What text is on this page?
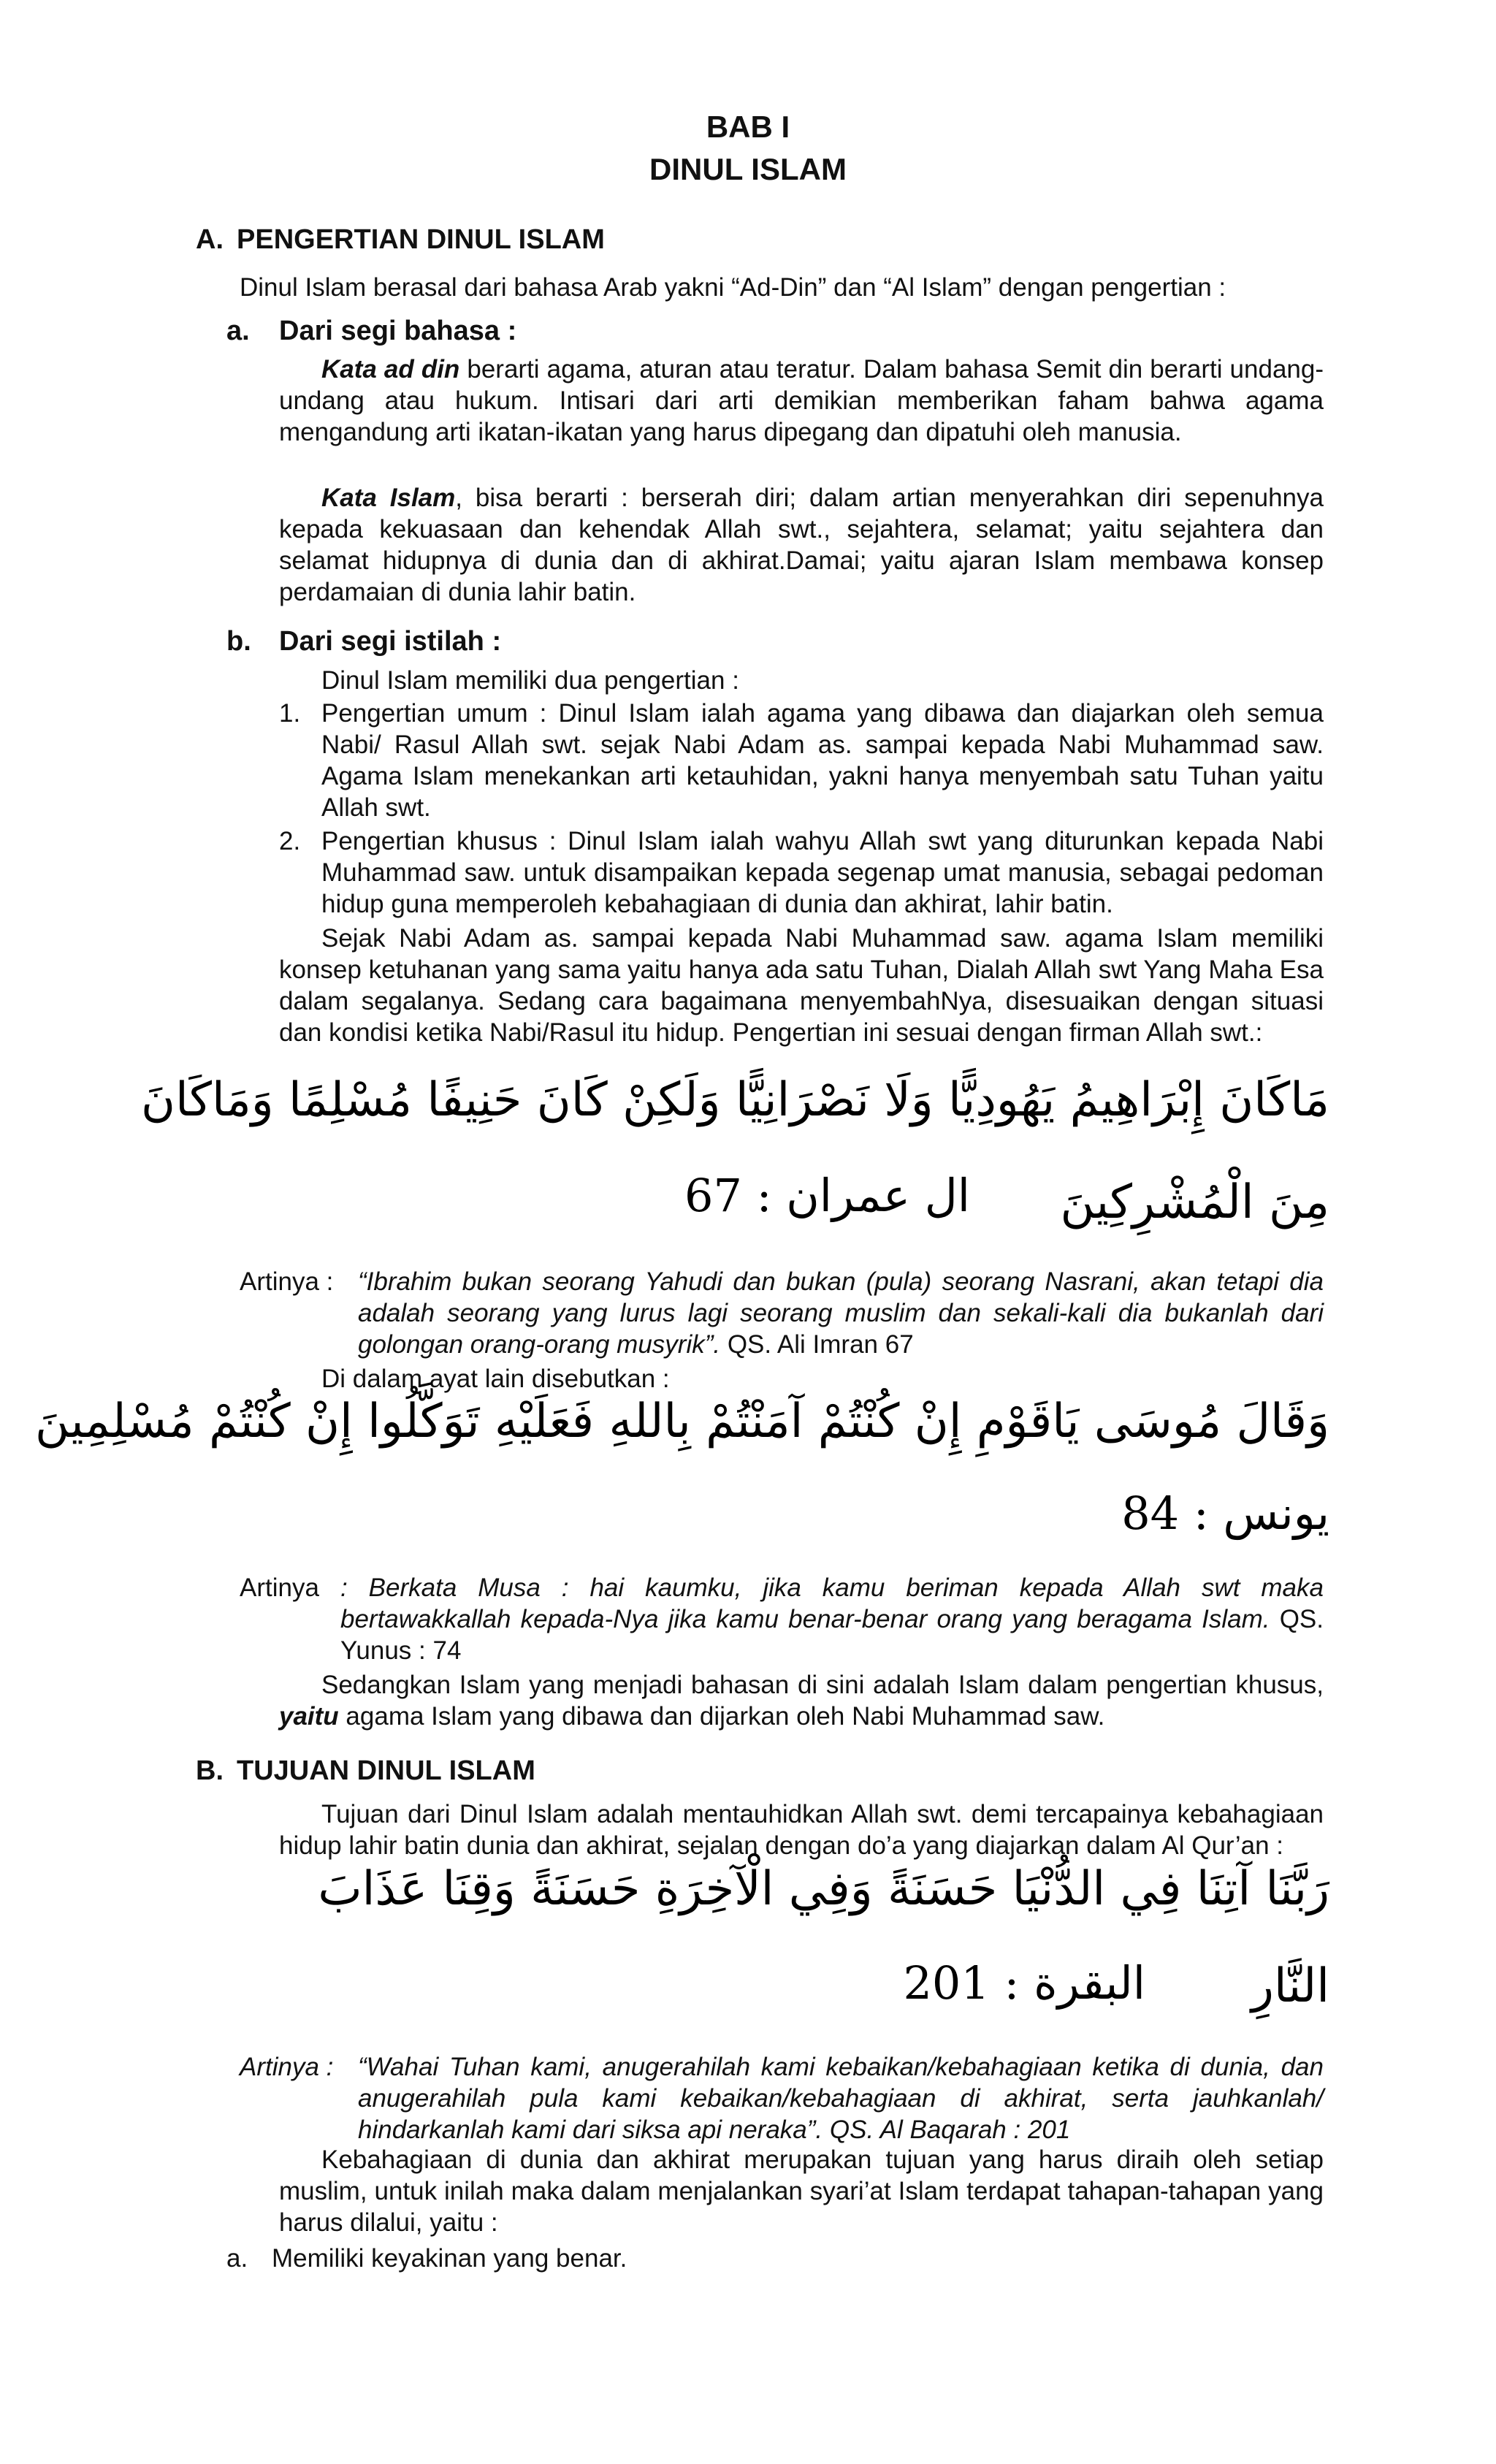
BAB I
DINUL ISLAM
A. PENGERTIAN DINUL ISLAM
Dinul Islam berasal dari bahasa Arab yakni “Ad-Din” dan “Al Islam” dengan pengertian :
a. Dari segi bahasa :

Kata ad din berarti agama, aturan atau teratur. Dalam bahasa Semit din berarti undang-undang atau hukum. Intisari dari arti demikian memberikan faham bahwa agama mengandung arti ikatan-ikatan yang harus dipegang dan dipatuhi oleh manusia.

Kata Islam, bisa berarti : berserah diri; dalam artian menyerahkan diri sepenuhnya kepada kekuasaan dan kehendak Allah swt., sejahtera, selamat; yaitu sejahtera dan selamat hidupnya di dunia dan di akhirat.Damai; yaitu ajaran Islam membawa konsep perdamaian di dunia lahir batin.

b. Dari segi istilah :
Dinul Islam memiliki dua pengertian :
1. Pengertian umum : Dinul Islam ialah agama yang dibawa dan diajarkan oleh semua Nabi/ Rasul Allah swt. sejak Nabi Adam as. sampai kepada Nabi Muhammad saw. Agama Islam menekankan arti ketauhidan, yakni hanya menyembah satu Tuhan yaitu Allah swt.
2. Pengertian khusus : Dinul Islam ialah wahyu Allah swt yang diturunkan kepada Nabi Muhammad saw. untuk disampaikan kepada segenap umat manusia, sebagai pedoman hidup guna memperoleh kebahagiaan di dunia dan akhirat, lahir batin.

Sejak Nabi Adam as. sampai kepada Nabi Muhammad saw. agama Islam memiliki konsep ketuhanan yang sama yaitu hanya ada satu Tuhan, Dialah Allah swt Yang Maha Esa dalam segalanya. Sedang cara bagaimana menyembahNya, disesuaikan dengan situasi dan kondisi ketika Nabi/Rasul itu hidup. Pengertian ini sesuai dengan firman Allah swt.:

مَاكَانَ إِبْرَاهِيمُ يَهُودِيًّا وَلَا نَصْرَانِيًّا وَلَكِنْ كَانَ حَنِيفًا مُسْلِمًا وَمَاكَانَ
مِنَ الْمُشْرِكِينَ
ال عمران : 67
Artinya : “Ibrahim bukan seorang Yahudi dan bukan (pula) seorang Nasrani, akan tetapi dia adalah seorang yang lurus lagi seorang muslim dan sekali-kali dia bukanlah dari golongan orang-orang musyrik”. QS. Ali Imran 67
Di dalam ayat lain disebutkan :
وَقَالَ مُوسَى يَاقَوْمِ إِنْ كُنْتُمْ آمَنْتُمْ بِاللهِ فَعَلَيْهِ تَوَكَّلُوا إِنْ كُنْتُمْ مُسْلِمِينَ
يونس : 84
Artinya : Berkata Musa : hai kaumku, jika kamu beriman kepada Allah swt maka bertawakkallah kepada-Nya jika kamu benar-benar orang yang beragama Islam. QS. Yunus : 74

Sedangkan Islam yang menjadi bahasan di sini adalah Islam dalam pengertian khusus, yaitu agama Islam yang dibawa dan dijarkan oleh Nabi Muhammad saw.

B. TUJUAN DINUL ISLAM

Tujuan dari Dinul Islam adalah mentauhidkan Allah swt. demi tercapainya kebahagiaan hidup lahir batin dunia dan akhirat, sejalan dengan do’a yang diajarkan dalam Al Qur’an :

رَبَّنَا آتِنَا فِي الدُّنْيَا حَسَنَةً وَفِي الْآخِرَةِ حَسَنَةً وَقِنَا عَذَابَ
النَّارِ
البقرة : 201
Artinya : “Wahai Tuhan kami, anugerahilah kami kebaikan/kebahagiaan ketika di dunia, dan anugerahilah pula kami kebaikan/kebahagiaan di akhirat, serta jauhkanlah/ hindarkanlah kami dari siksa api neraka”. QS. Al Baqarah : 201

Kebahagiaan di dunia dan akhirat merupakan tujuan yang harus diraih oleh setiap muslim, untuk inilah maka dalam menjalankan syari’at Islam terdapat tahapan-tahapan yang harus dilalui, yaitu :

a. Memiliki keyakinan yang benar.
